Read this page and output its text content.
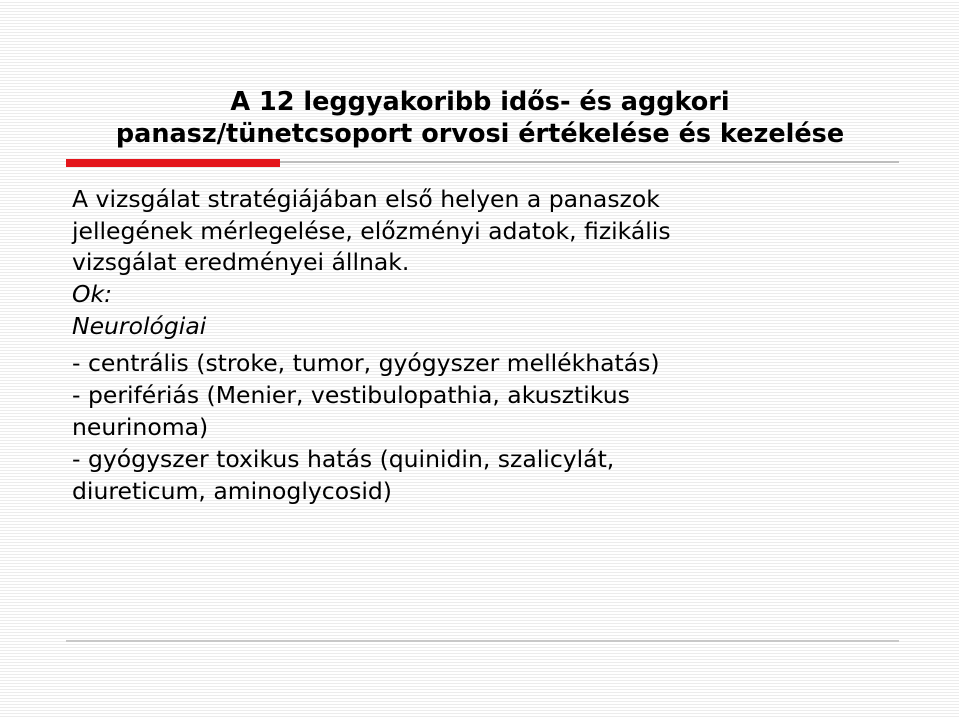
A 12 leggyakoribb idős- és aggkori
panasz/tünetcsoport orvosi értékelése és kezelése

A vizsgálat stratégiájában első helyen a panaszok
jellegének mérlegelése, előzményi adatok, fizikális
vizsgálat eredményei állnak.

Ok:

Neurológiai

- centrális (stroke, tumor, gyógyszer mellékhatás)

- perifériás (Menier, vestibulopathia, akusztikus
neurinoma)

- gyógyszer toxikus hatás (quinidin, szalicylát,
diureticum, aminoglycosid)
